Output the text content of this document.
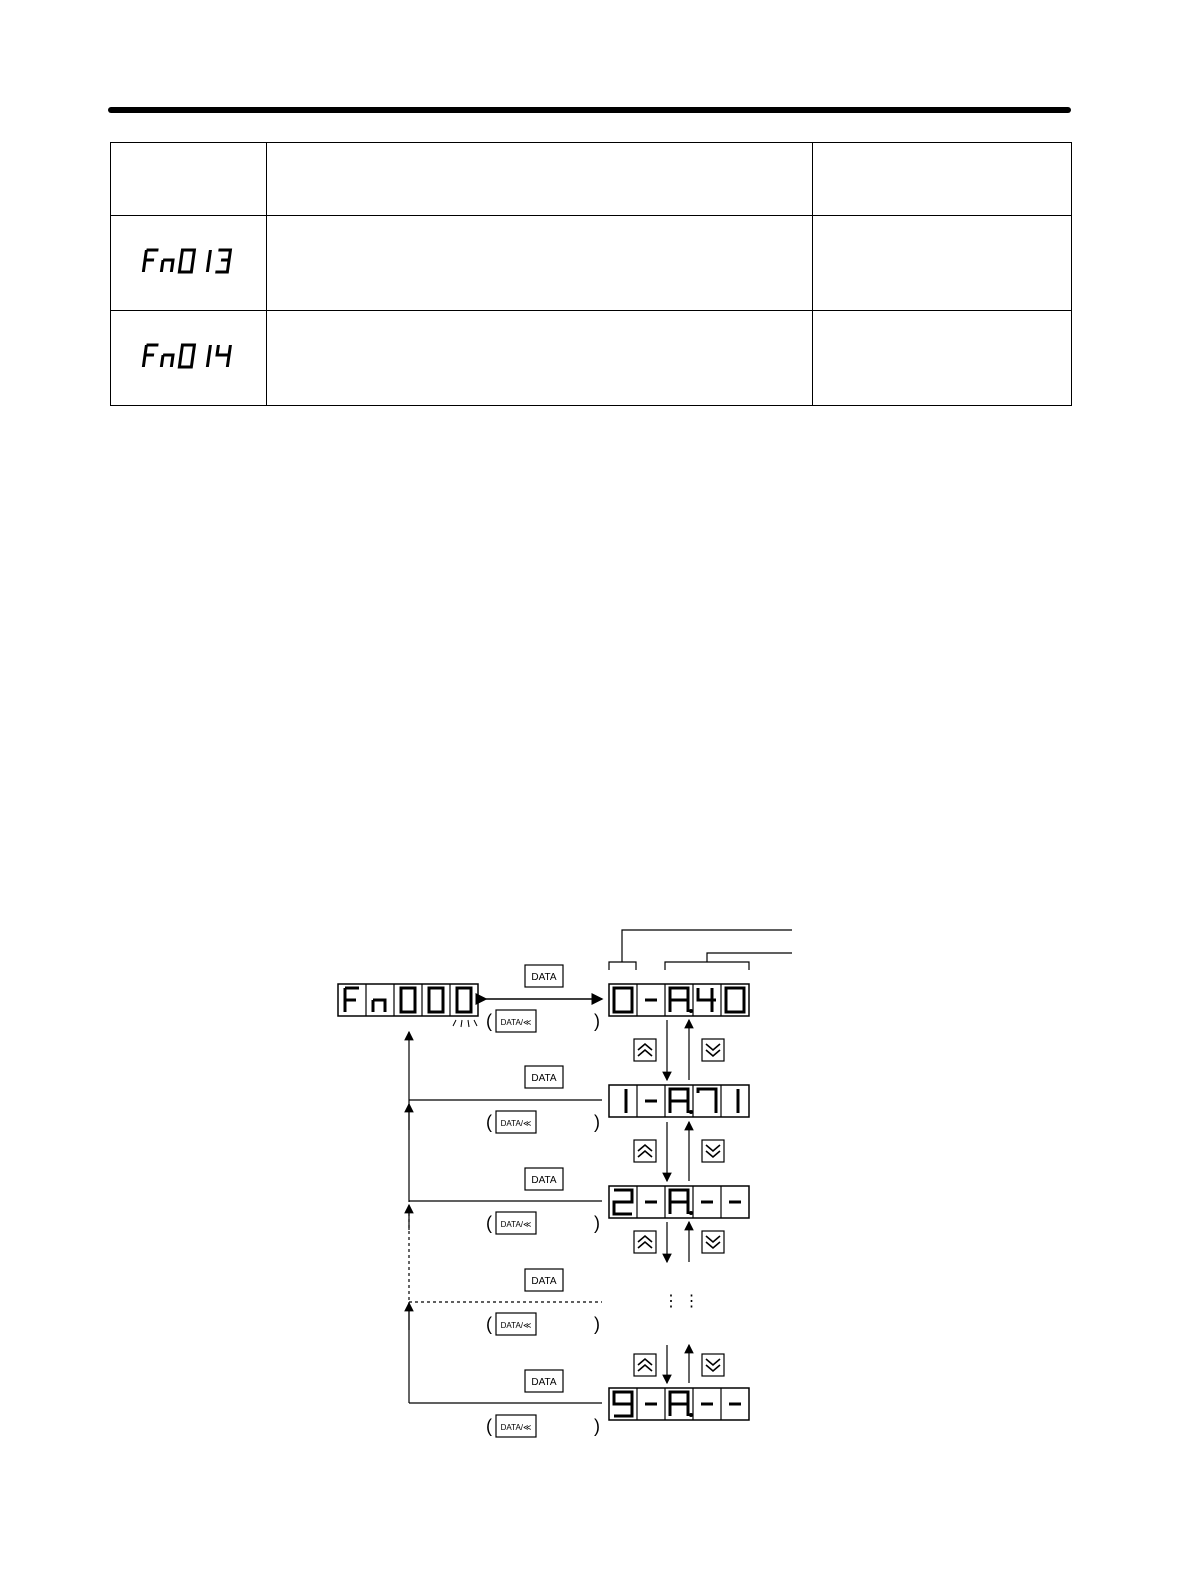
Fn013		

Fn014		

Fn000
DATA
DATA
DATA
DATA
DATA
( DATA/≪	)
( DATA/≪	)
( DATA/≪	)
( DATA/≪	)
( DATA/≪	)
⋮ ⋮
